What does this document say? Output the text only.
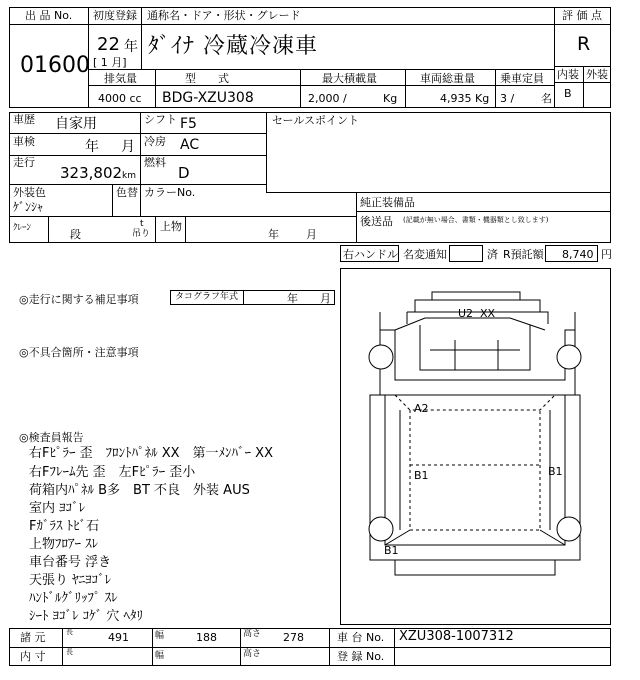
出 品 No.
01600
初度登録
22 年
[ 1 月]
通称名・ドア・形状・グレード
ﾀﾞｲﾅ 冷蔵冷凍車
評 価 点
R
内装 外装
B
排気量
4000 cc
型　　式
BDG-XZU308
最大積載量
2,000 /	Kg
車両総重量
4,935 Kg
乗車定員
3 / 名
車歴 自家用
車検	年 月
走行
323,802 km
シフト F5
冷房 AC
燃料
D
セールスポイント
外装色
ｹﾞﾝｼｬ
色替 カラーNo.
純正装備品
後送品 (記載が無い場合、書類・機器類とし致します)
ｸﾚｰﾝ	段
t
吊り
上物
年 月
右ハンドル 名変通知	済 R預託額 8,740 円
◎走行に関する補足事項	タコグラフ年式	年 月
◎不具合箇所・注意事項
◎検査員報告
右Fﾋﾟﾗｰ 歪　ﾌﾛﾝﾄﾊﾟﾈﾙ XX　第一ﾒﾝﾊﾞｰ XX
右Fﾌﾚｰﾑ先 歪　左Fﾋﾟﾗｰ 歪小
荷箱内ﾊﾟﾈﾙ B多　BT 不良　外装 AUS
室内 ﾖｺﾞﾚ
Fｶﾞﾗｽ ﾄﾋﾞ石
上物ﾌﾛｱｰ ｽﾚ
車台番号 浮き
天張り ﾔﾆﾖｺﾞﾚ
ﾊﾝﾄﾞﾙｸﾞﾘｯﾌﾟ ｽﾚ
ｼｰﾄ ﾖｺﾞﾚ ｺｹﾞ 穴 ﾍﾀﾘ
U2 XX
A2
B1	B1
B1
諸 元	長	491	幅	188	高さ 278	車 台 No. XZU308-1007312
内 寸	長	幅	高さ	登 録 No.
